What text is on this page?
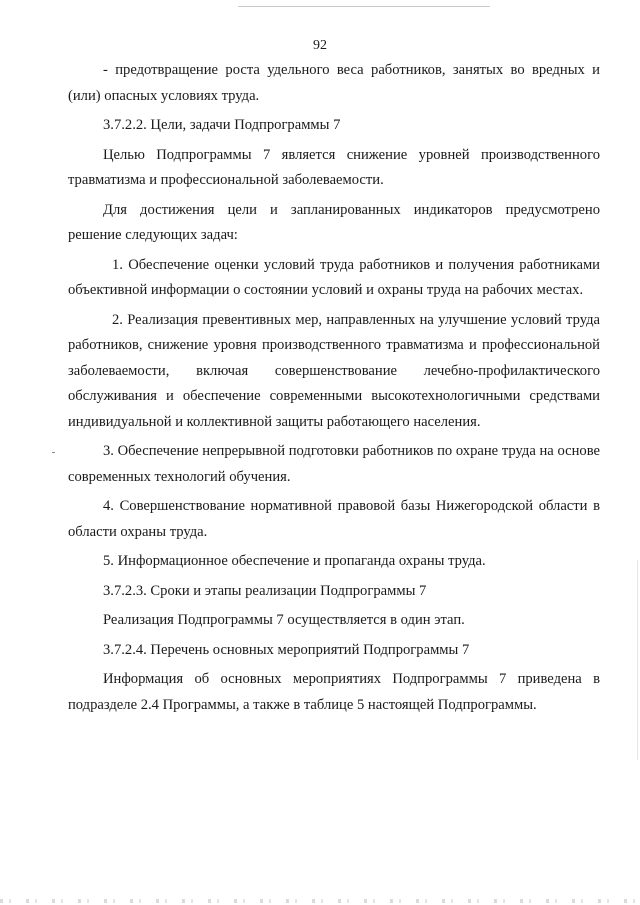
92

- предотвращение роста удельного веса работников, занятых во вредных и (или) опасных условиях труда.

3.7.2.2. Цели, задачи Подпрограммы 7

Целью Подпрограммы 7 является снижение уровней производственного травматизма и профессиональной заболеваемости.

Для достижения цели и запланированных индикаторов предусмотрено решение следующих задач:

1. Обеспечение оценки условий труда работников и получения работниками объективной информации о состоянии условий и охраны труда на рабочих местах.

2. Реализация превентивных мер, направленных на улучшение условий труда работников, снижение уровня производственного травматизма и профессиональной заболеваемости, включая совершенствование лечебно-профилактического обслуживания и обеспечение современными высокотехнологичными средствами индивидуальной и коллективной защиты работающего населения.

3. Обеспечение непрерывной подготовки работников по охране труда на основе современных технологий обучения.

4. Совершенствование нормативной правовой базы Нижегородской области в области охраны труда.

5. Информационное обеспечение и пропаганда охраны труда.

3.7.2.3. Сроки и этапы реализации Подпрограммы 7

Реализация Подпрограммы 7 осуществляется в один этап.

3.7.2.4. Перечень основных мероприятий Подпрограммы 7

Информация об основных мероприятиях Подпрограммы 7 приведена в подразделе 2.4 Программы, а также в таблице 5 настоящей Подпрограммы.
